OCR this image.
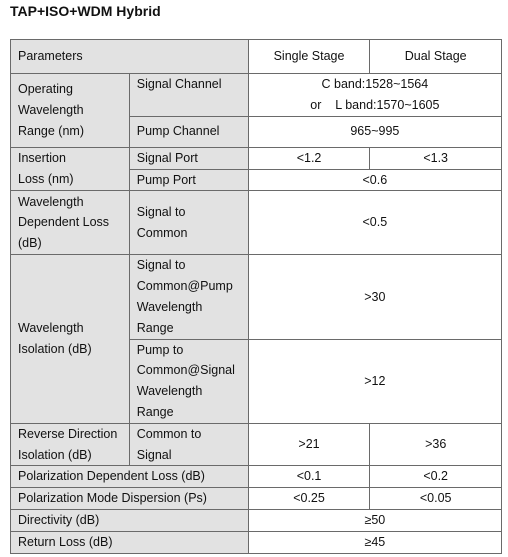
TAP+ISO+WDM Hybrid
Parameters		Single Stage	Dual Stage

Operating
Wavelength
Range (nm)	Signal Channel	C band:1528~1564
or    L band:1570~1605	

	Pump Channel	965~995	

Insertion
Loss (nm)	Signal Port	<1.2	<1.3
	Pump Port	<0.6	

Wavelength
Dependent Loss
(dB)	Signal to
Common	<0.5	

Wavelength
Isolation (dB)	Signal to
Common@Pump
Wavelength
Range	>30	

	Pump to
Common@Signal
Wavelength
Range	>12	

Reverse Direction
Isolation (dB)	Common to
Signal	>21	>36
Polarization Dependent Loss (dB)		<0.1	<0.2
Polarization Mode Dispersion (Ps)		<0.25	<0.05
Directivity (dB)		≥50	
Return Loss (dB)		≥45	
